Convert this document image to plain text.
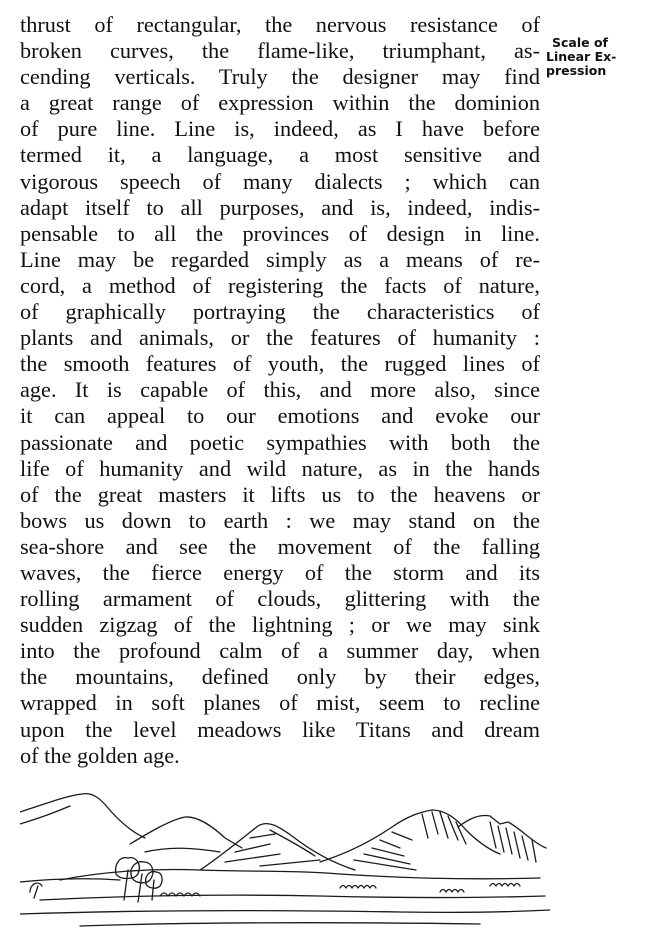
thrust of rectangular, the nervous resistance of
broken curves, the flame-like, triumphant, as-
cending verticals. Truly the designer may find
a great range of expression within the dominion
of pure line. Line is, indeed, as I have before
termed it, a language, a most sensitive and
vigorous speech of many dialects ; which can
adapt itself to all purposes, and is, indeed, indis-
pensable to all the provinces of design in line.
Line may be regarded simply as a means of re-
cord, a method of registering the facts of nature,
of graphically portraying the characteristics of
plants and animals, or the features of humanity :
the smooth features of youth, the rugged lines of
age. It is capable of this, and more also, since
it can appeal to our emotions and evoke our
passionate and poetic sympathies with both the
life of humanity and wild nature, as in the hands
of the great masters it lifts us to the heavens or
bows us down to earth : we may stand on the
sea-shore and see the movement of the falling
waves, the fierce energy of the storm and its
rolling armament of clouds, glittering with the
sudden zigzag of the lightning ; or we may sink
into the profound calm of a summer day, when
the mountains, defined only by their edges,
wrapped in soft planes of mist, seem to recline
upon the level meadows like Titans and dream
of the golden age.
Scale of
Linear Ex-
pression
